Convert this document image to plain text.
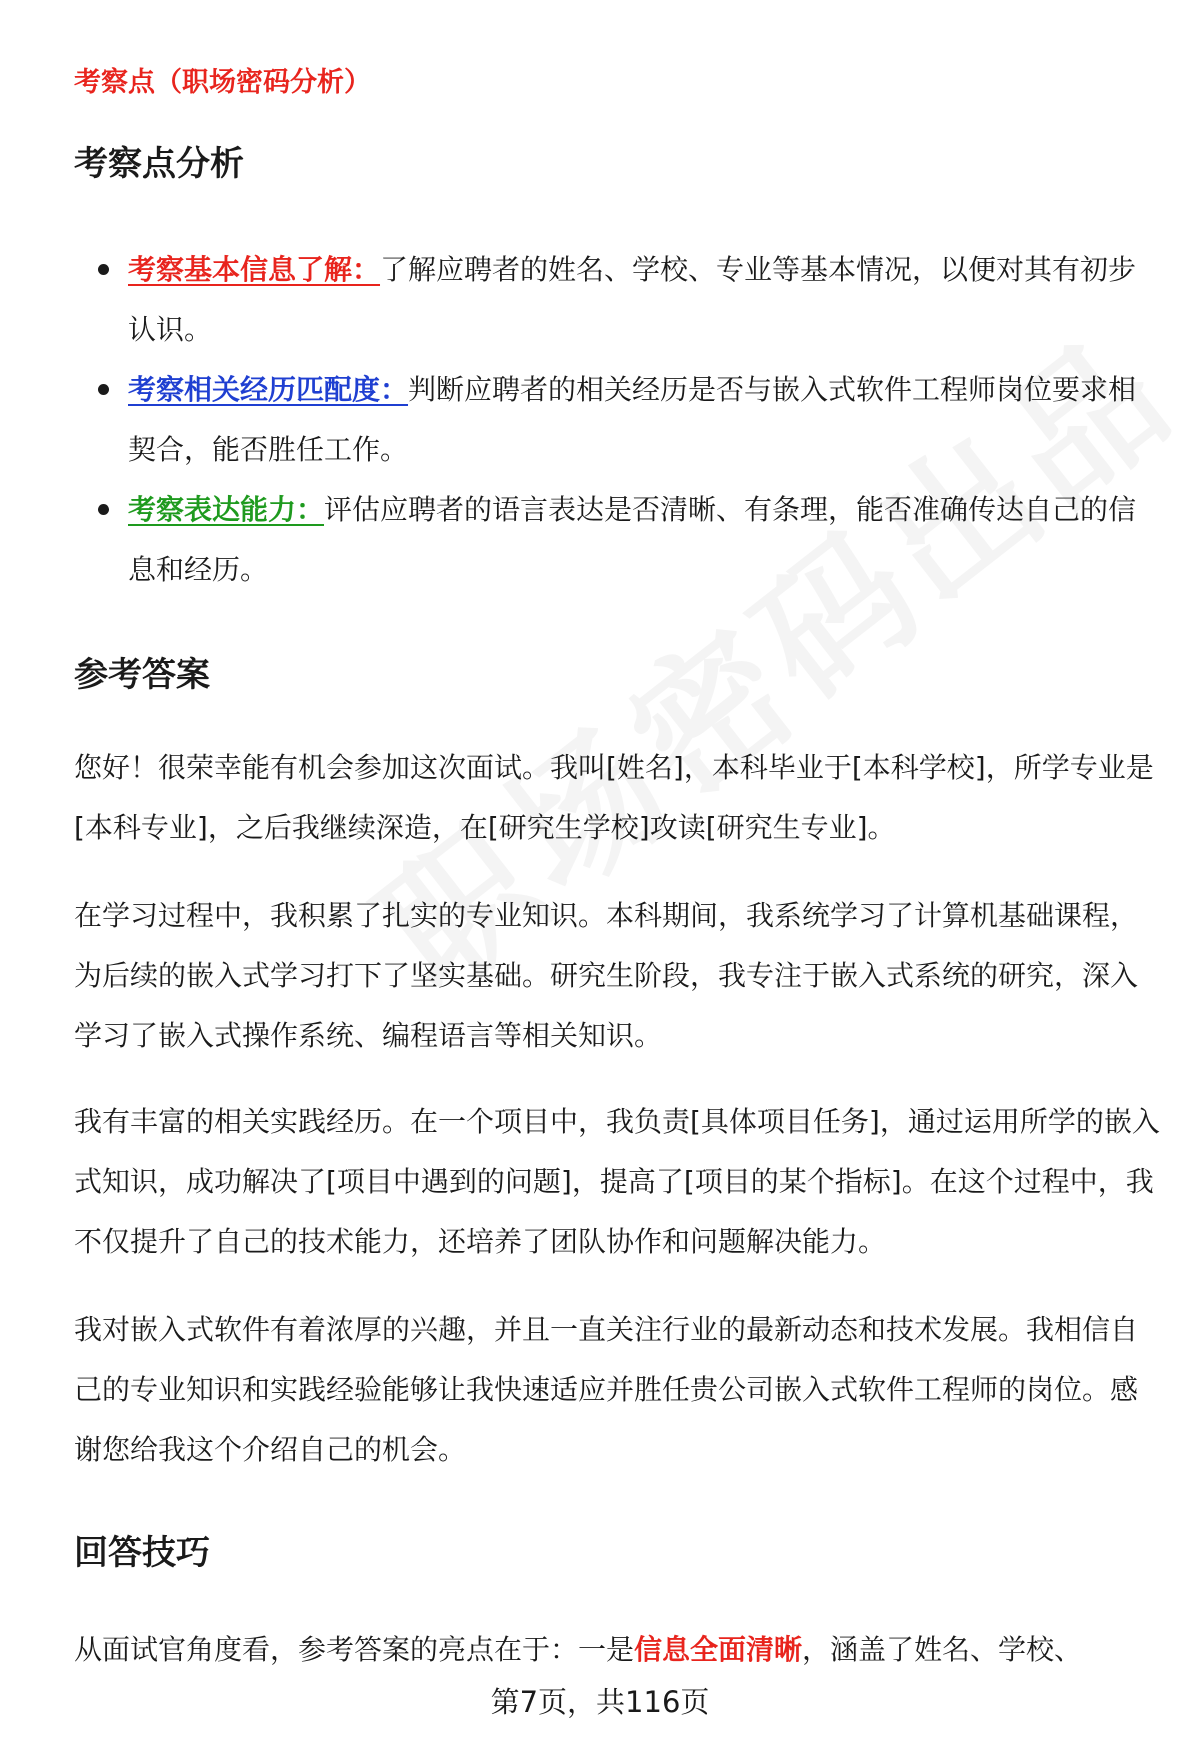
考察点（职场密码分析）
考察点分析
考察基本信息了解：了解应聘者的姓名、学校、专业等基本情况，以便对其有初步认识。
考察相关经历匹配度：判断应聘者的相关经历是否与嵌入式软件工程师岗位要求相契合，能否胜任工作。
考察表达能力：评估应聘者的语言表达是否清晰、有条理，能否准确传达自己的信息和经历。
参考答案

您好！很荣幸能有机会参加这次面试。我叫[姓名]，本科毕业于[本科学校]，所学专业是[本科专业]，之后我继续深造，在[研究生学校]攻读[研究生专业]。

在学习过程中，我积累了扎实的专业知识。本科期间，我系统学习了计算机基础课程，为后续的嵌入式学习打下了坚实基础。研究生阶段，我专注于嵌入式系统的研究，深入学习了嵌入式操作系统、编程语言等相关知识。

我有丰富的相关实践经历。在一个项目中，我负责[具体项目任务]，通过运用所学的嵌入式知识，成功解决了[项目中遇到的问题]，提高了[项目的某个指标]。在这个过程中，我不仅提升了自己的技术能力，还培养了团队协作和问题解决能力。

我对嵌入式软件有着浓厚的兴趣，并且一直关注行业的最新动态和技术发展。我相信自己的专业知识和实践经验能够让我快速适应并胜任贵公司嵌入式软件工程师的岗位。感谢您给我这个介绍自己的机会。

回答技巧

从面试官角度看，参考答案的亮点在于：一是信息全面清晰，涵盖了姓名、学校、

第7页，共116页
